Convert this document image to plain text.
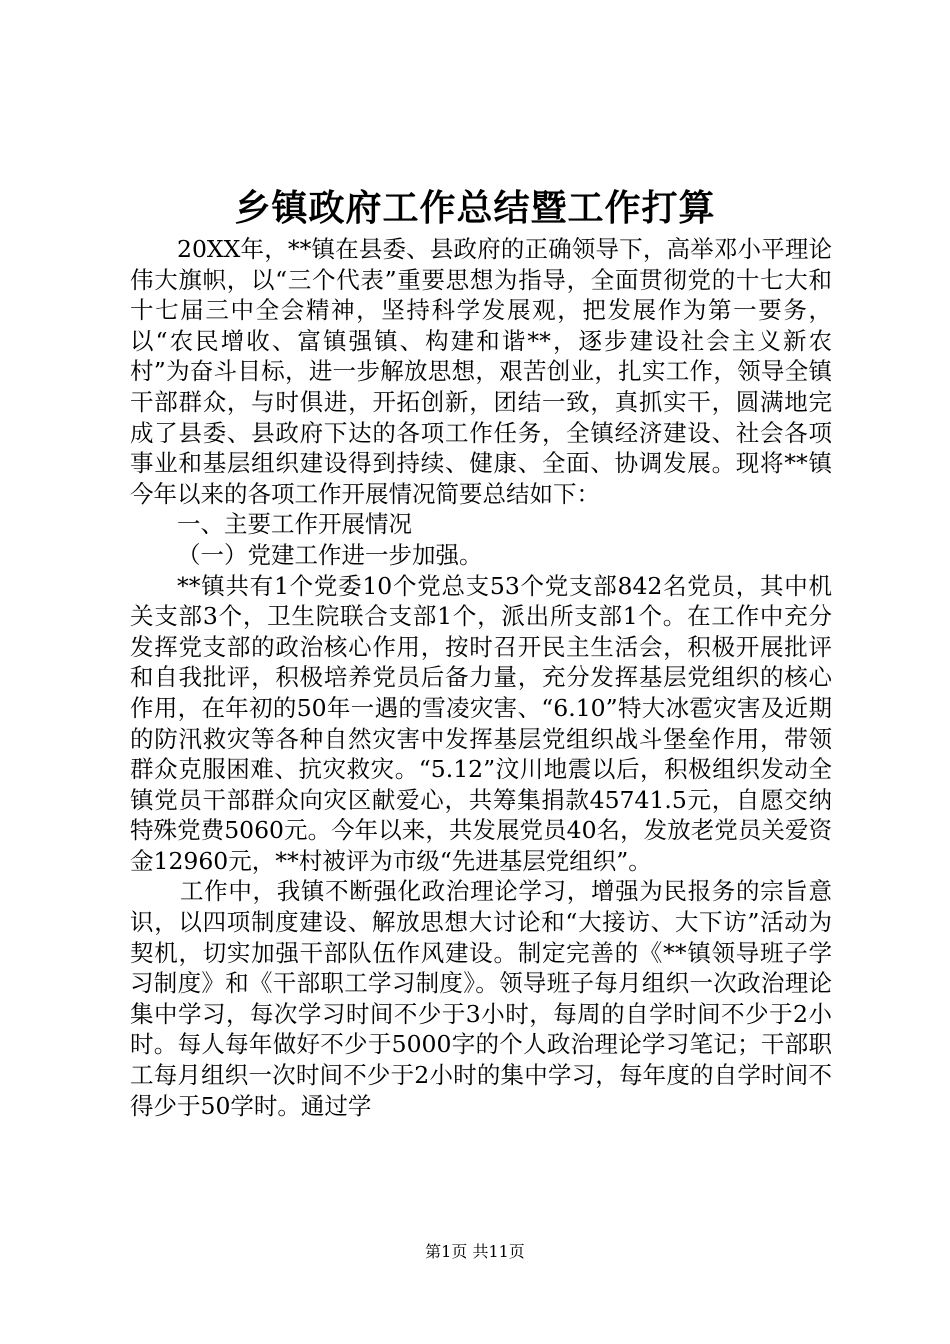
乡镇政府工作总结暨工作打算

20XX年，**镇在县委、县政府的正确领导下，高举邓小平理论伟大旗帜，以“三个代表”重要思想为指导，全面贯彻党的十七大和十七届三中全会精神，坚持科学发展观，把发展作为第一要务，以“农民增收、富镇强镇、构建和谐**，逐步建设社会主义新农村”为奋斗目标，进一步解放思想，艰苦创业，扎实工作，领导全镇干部群众，与时俱进，开拓创新，团结一致，真抓实干，圆满地完成了县委、县政府下达的各项工作任务，全镇经济建设、社会各项事业和基层组织建设得到持续、健康、全面、协调发展。现将**镇今年以来的各项工作开展情况简要总结如下：

一、主要工作开展情况

（一）党建工作进一步加强。

**镇共有1个党委10个党总支53个党支部842名党员，其中机关支部3个，卫生院联合支部1个，派出所支部1个。在工作中充分发挥党支部的政治核心作用，按时召开民主生活会，积极开展批评和自我批评，积极培养党员后备力量，充分发挥基层党组织的核心作用，在年初的50年一遇的雪凌灾害、“6.10”特大冰雹灾害及近期的防汛救灾等各种自然灾害中发挥基层党组织战斗堡垒作用，带领群众克服困难、抗灾救灾。“5.12”汶川地震以后，积极组织发动全镇党员干部群众向灾区献爱心，共筹集捐款45741.5元，自愿交纳特殊党费5060元。今年以来，共发展党员40名，发放老党员关爱资金12960元，**村被评为市级“先进基层党组织”。

工作中，我镇不断强化政治理论学习，增强为民报务的宗旨意识，以四项制度建设、解放思想大讨论和“大接访、大下访”活动为契机，切实加强干部队伍作风建设。制定完善的《**镇领导班子学习制度》和《干部职工学习制度》。领导班子每月组织一次政治理论集中学习，每次学习时间不少于3小时，每周的自学时间不少于2小时。每人每年做好不少于5000字的个人政治理论学习笔记；干部职工每月组织一次时间不少于2小时的集中学习，每年度的自学时间不得少于50学时。通过学

第1页 共11页
